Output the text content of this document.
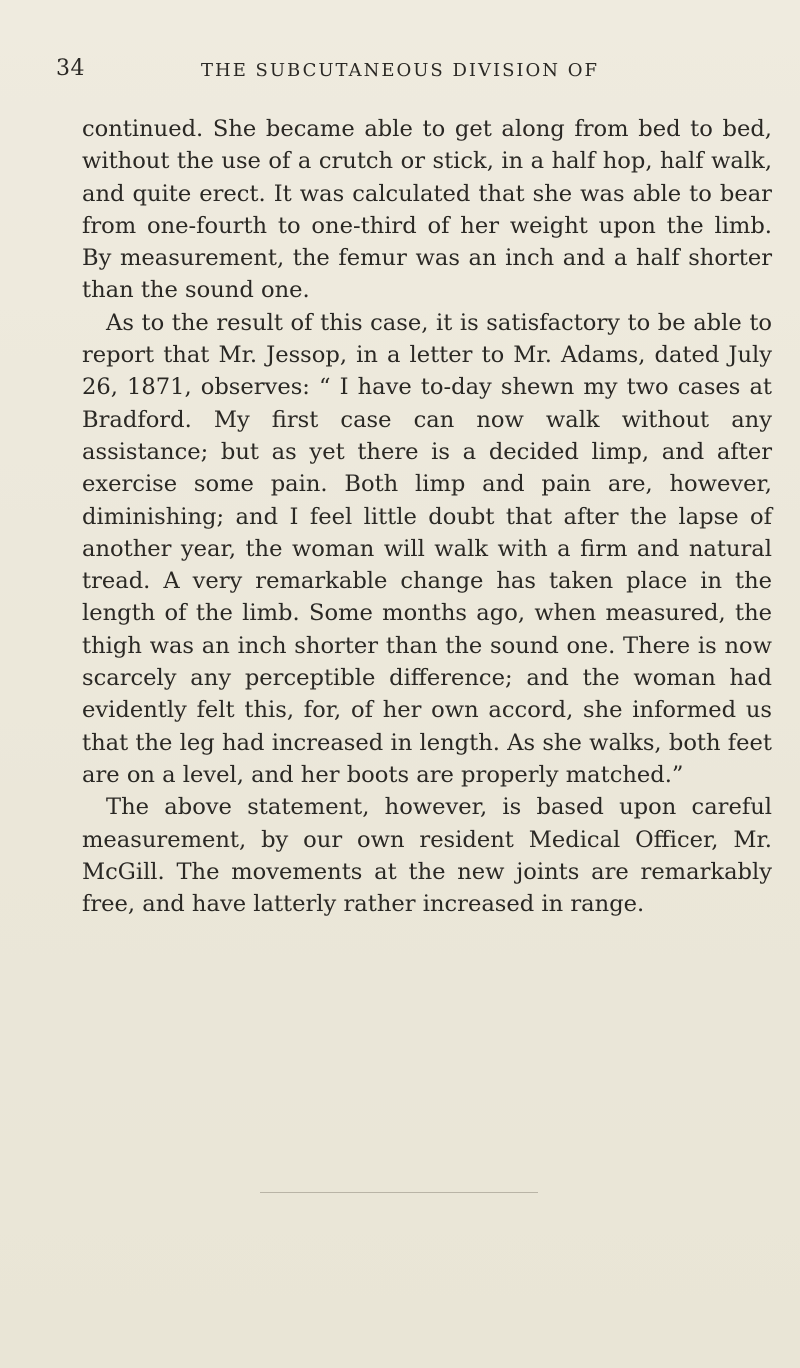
34	THE SUBCUTANEOUS DIVISION OF

continued. She became able to get along from bed to bed, without the use of a crutch or stick, in a half hop, half walk, and quite erect. It was calculated that she was able to bear from one-fourth to one-third of her weight upon the limb. By measurement, the femur was an inch and a half shorter than the sound one.

As to the result of this case, it is satisfactory to be able to report that Mr. Jessop, in a letter to Mr. Adams, dated July 26, 1871, observes: “ I have to-day shewn my two cases at Bradford. My first case can now walk without any assistance; but as yet there is a decided limp, and after exercise some pain. Both limp and pain are, however, diminishing; and I feel little doubt that after the lapse of another year, the woman will walk with a firm and natural tread. A very remarkable change has taken place in the length of the limb. Some months ago, when measured, the thigh was an inch shorter than the sound one. There is now scarcely any perceptible difference; and the woman had evidently felt this, for, of her own accord, she informed us that the leg had increased in length. As she walks, both feet are on a level, and her boots are properly matched.”

The above statement, however, is based upon careful measurement, by our own resident Medical Officer, Mr. McGill. The movements at the new joints are remarkably free, and have latterly rather increased in range.
